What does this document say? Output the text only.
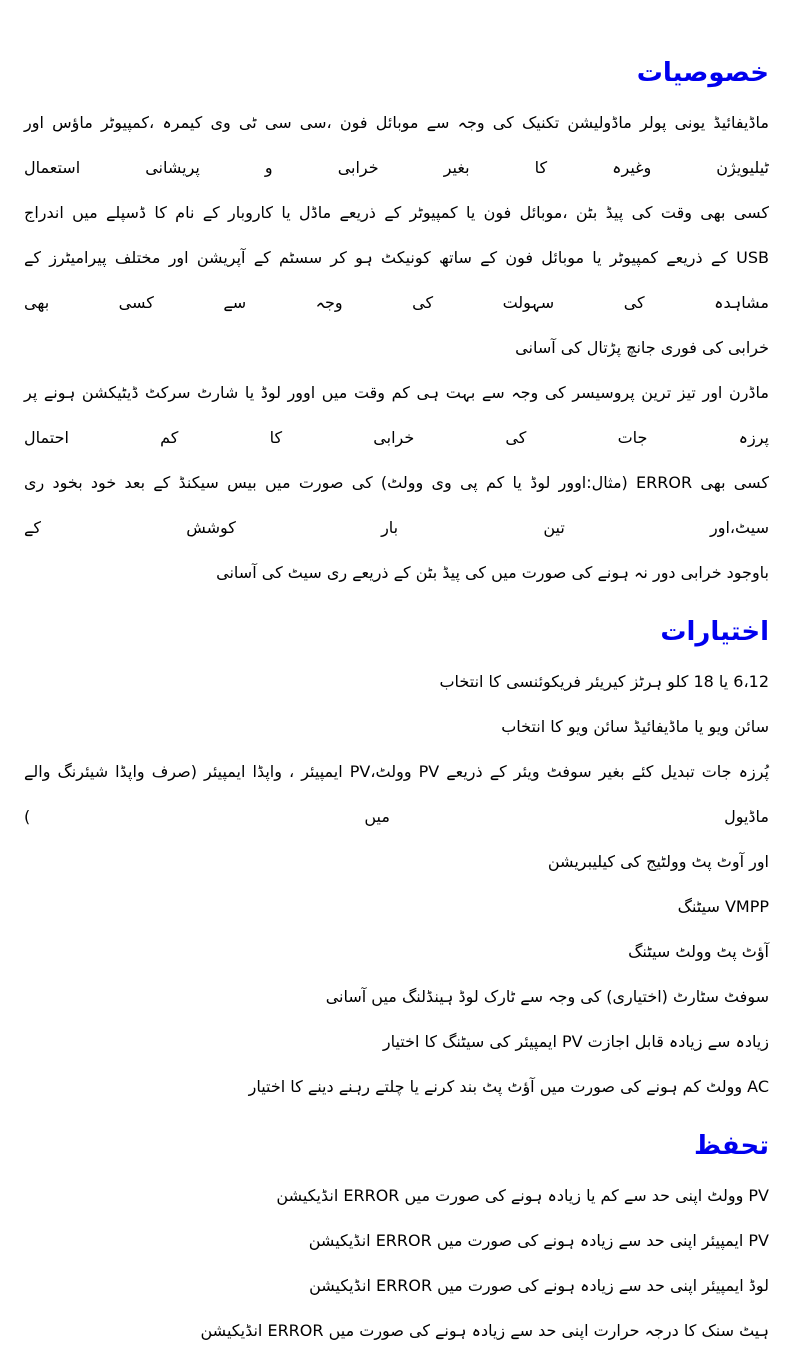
خصوصیات
ماڈیفائیڈ یونی پولر ماڈولیشن تکنیک کی وجہ سے موبائل فون ،سی سی ٹی وی کیمرہ ،کمپیوٹر ماؤس اور ٹیلیویژن وغیرہ کا بغیر خرابی و پریشانی استعمال
کسی بھی وقت کی پیڈ بٹن ،موبائل فون یا کمپیوٹر کے ذریعے ماڈل یا کاروبار کے نام کا ڈسپلے میں اندراج
USB کے ذریعے کمپیوٹر یا موبائل فون کے ساتھ کونیکٹ ہو کر سسٹم کے آپریشن اور مختلف پیرامیٹرز کے مشاہدہ کی سہولت کی وجہ سے کسی بھی
خرابی کی فوری جانچ پڑتال کی آسانی
ماڈرن اور تیز ترین پروسیسر کی وجہ سے بہت ہی کم وقت میں اوور لوڈ یا شارٹ سرکٹ ڈیٹیکشن ہونے پر پرزہ جات کی خرابی کا کم احتمال
کسی بھی ERROR (مثال:اوور لوڈ یا کم پی وی وولٹ) کی صورت میں بیس سیکنڈ کے بعد خود بخود ری سیٹ،اور تین بار کوشش کے
باوجود خرابی دور نہ ہونے کی صورت میں کی پیڈ بٹن کے ذریعے ری سیٹ کی آسانی
اختیارات
6،12 یا 18 کلو ہرٹز کیریئر فریکوئنسی کا انتخاب
سائن ویو یا ماڈیفائیڈ سائن ویو کا انتخاب
پُرزہ جات تبدیل کئے بغیر سوفٹ ویئر کے ذریعے PV وولٹ،PV ایمپیئر ، واپڈا ایمپیئر (صرف واپڈا شیئرنگ والے ماڈیول میں )
اور آوٹ پٹ وولٹیج کی کیلیبریشن
VMPP سیٹنگ
آؤٹ پٹ وولٹ سیٹنگ
سوفٹ سٹارٹ (اختیاری) کی وجہ سے ٹارک لوڈ ہینڈلنگ میں آسانی
زیادہ سے زیادہ قابل اجازت PV ایمپیئر کی سیٹنگ کا اختیار
AC وولٹ کم ہونے کی صورت میں آؤٹ پٹ بند کرنے یا چلتے رہنے دینے کا اختیار
تحفظ
PV وولٹ اپنی حد سے کم یا زیادہ ہونے کی صورت میں ERROR انڈیکیشن
PV ایمپیئر اپنی حد سے زیادہ ہونے کی صورت میں ERROR انڈیکیشن
لوڈ ایمپیئر اپنی حد سے زیادہ ہونے کی صورت میں ERROR انڈیکیشن
ہیٹ سنک کا درجہ حرارت اپنی حد سے زیادہ ہونے کی صورت میں ERROR انڈیکیشن
